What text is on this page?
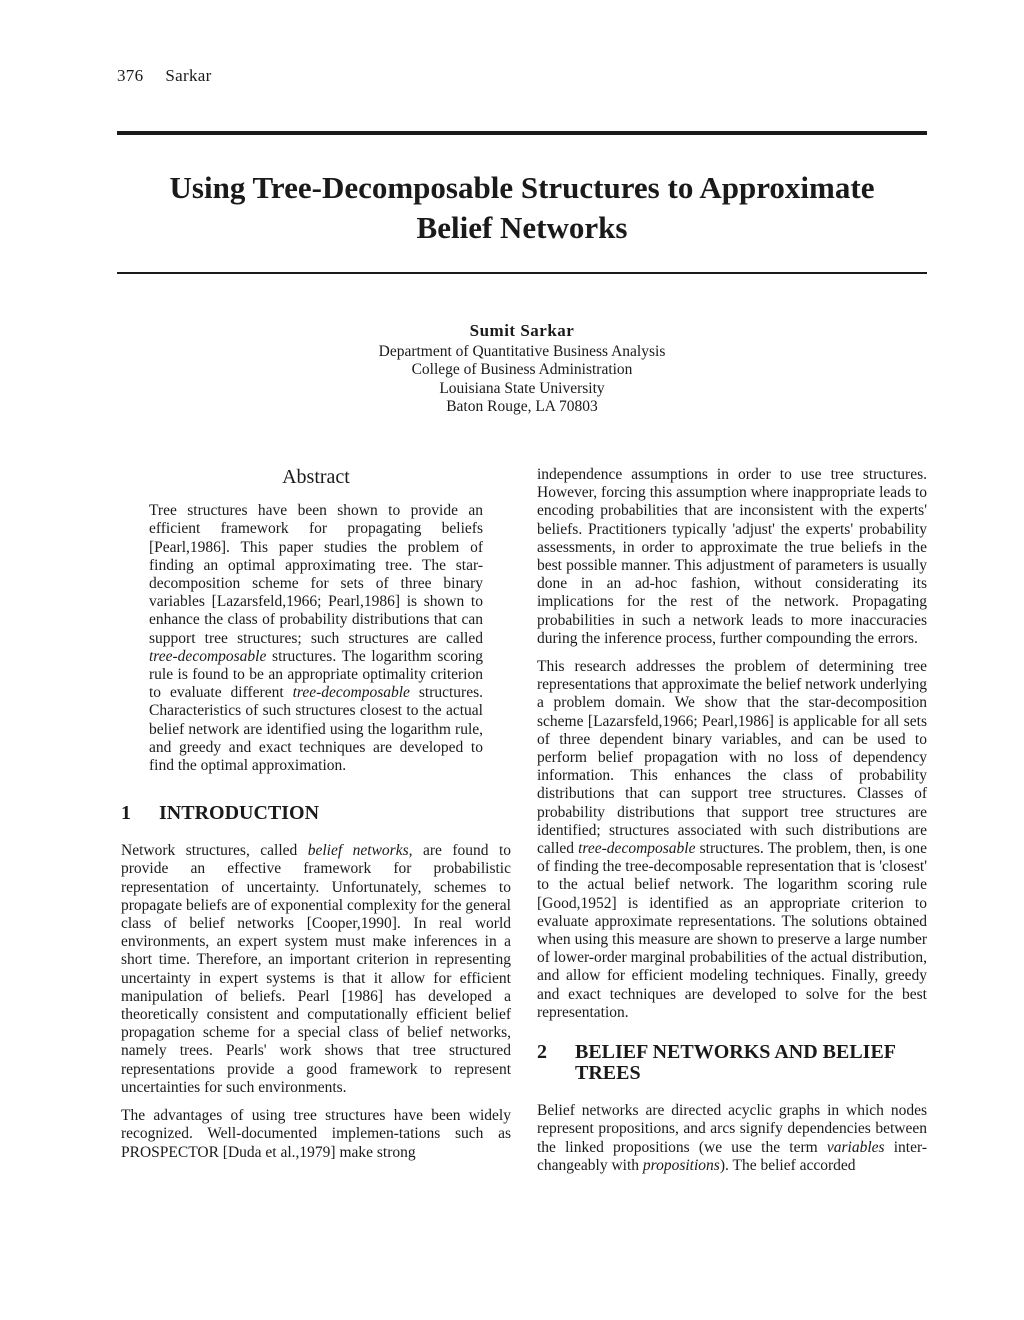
376 Sarkar
Using Tree-Decomposable Structures to Approximate
Belief Networks
Sumit Sarkar
Department of Quantitative Business Analysis
College of Business Administration
Louisiana State University
Baton Rouge, LA 70803
Abstract

Tree structures have been shown to provide an efficient framework for propagating beliefs [Pearl,1986]. This paper studies the problem of finding an optimal approximating tree. The star-decomposition scheme for sets of three binary variables [Lazarsfeld,1966; Pearl,1986] is shown to enhance the class of probability distributions that can support tree structures; such structures are called tree-decomposable structures. The logarithm scoring rule is found to be an appropriate optimality criterion to evaluate different tree-decomposable structures. Characteristics of such structures closest to the actual belief network are identified using the logarithm rule, and greedy and exact techniques are developed to find the optimal approximation.

1	INTRODUCTION

Network structures, called belief networks, are found to provide an effective framework for probabilistic representation of uncertainty. Unfortunately, schemes to propagate beliefs are of exponential complexity for the general class of belief networks [Cooper,1990]. In real world environments, an expert system must make inferences in a short time. Therefore, an important criterion in representing uncertainty in expert systems is that it allow for efficient manipulation of beliefs. Pearl [1986] has developed a theoretically consistent and computationally efficient belief propagation scheme for a special class of belief networks, namely trees. Pearls' work shows that tree structured representations provide a good framework to represent uncertainties for such environments.

The advantages of using tree structures have been widely recognized. Well-documented implemen-tations such as PROSPECTOR [Duda et al.,1979] make strong

independence assumptions in order to use tree structures. However, forcing this assumption where inappropriate leads to encoding probabilities that are inconsistent with the experts' beliefs. Practitioners typically 'adjust' the experts' probability assessments, in order to approximate the true beliefs in the best possible manner. This adjustment of parameters is usually done in an ad-hoc fashion, without considerating its implications for the rest of the network. Propagating probabilities in such a network leads to more inaccuracies during the inference process, further compounding the errors.

This research addresses the problem of determining tree representations that approximate the belief network underlying a problem domain. We show that the star-decomposition scheme [Lazarsfeld,1966; Pearl,1986] is applicable for all sets of three dependent binary variables, and can be used to perform belief propagation with no loss of dependency information. This enhances the class of probability distributions that can support tree structures. Classes of probability distributions that support tree structures are identified; structures associated with such distributions are called tree-decomposable structures. The problem, then, is one of finding the tree-decomposable representation that is 'closest' to the actual belief network. The logarithm scoring rule [Good,1952] is identified as an appropriate criterion to evaluate approximate representations. The solutions obtained when using this measure are shown to preserve a large number of lower-order marginal probabilities of the actual distribution, and allow for efficient modeling techniques. Finally, greedy and exact techniques are developed to solve for the best representation.

2	BELIEF NETWORKS AND BELIEF TREES

Belief networks are directed acyclic graphs in which nodes represent propositions, and arcs signify dependencies between the linked propositions (we use the term variables inter-changeably with propositions). The belief accorded
